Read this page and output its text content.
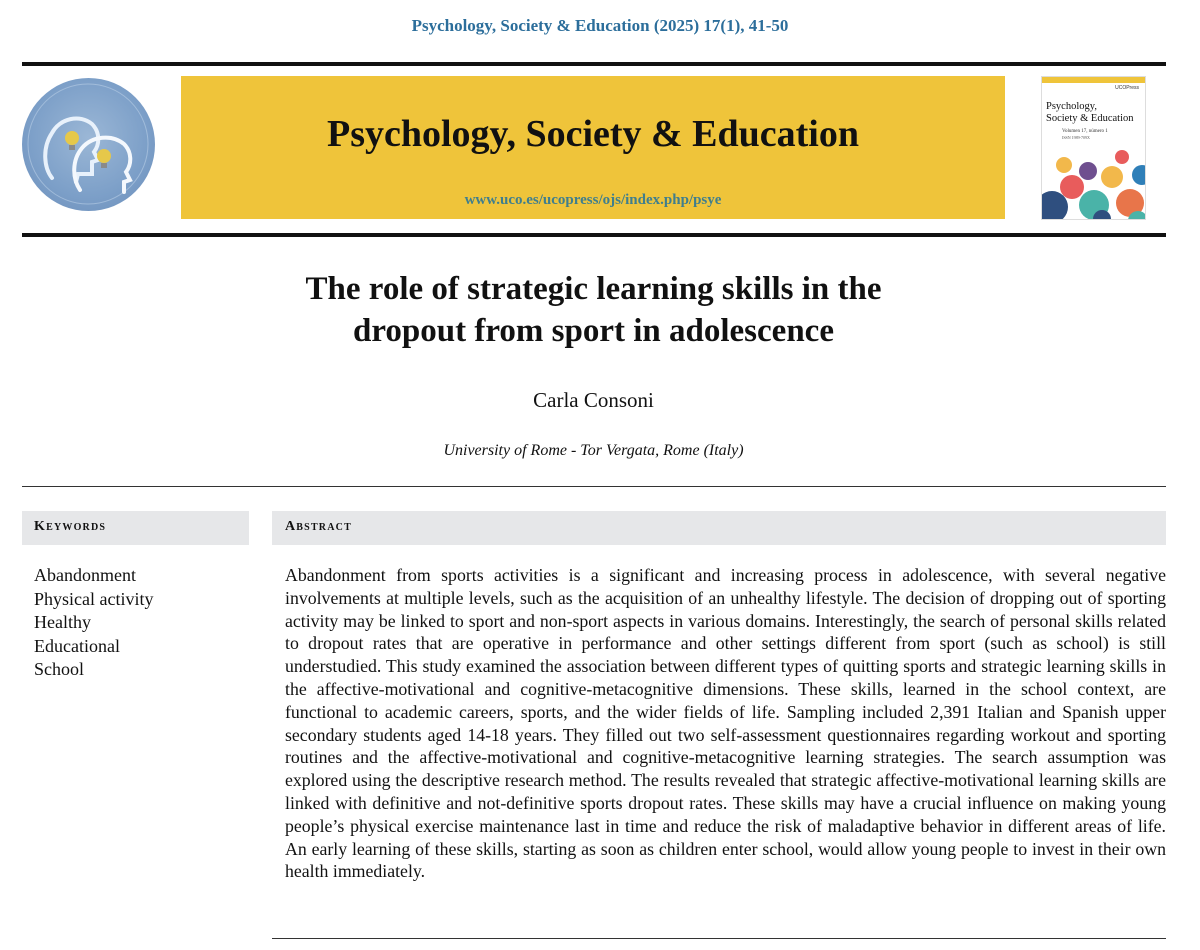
Psychology, Society & Education (2025) 17(1), 41-50
Psychology, Society & Education
www.uco.es/ucopress/ojs/index.php/psye
UCOPress
Psychology,
Society & Education
Volumen 17, número 1
ISSN 1989-709X
The role of strategic learning skills in the
dropout from sport in adolescence
Carla Consoni
University of Rome - Tor Vergata, Rome (Italy)
Keywords
Abandonment
Physical activity
Healthy
Educational
School
Abstract

Abandonment from sports activities is a significant and increasing process in adolescence, with several negative involvements at multiple levels, such as the acquisition of an unhealthy lifestyle. The decision of dropping out of sporting activity may be linked to sport and non-sport aspects in various domains. Interestingly, the search of personal skills related to dropout rates that are operative in performance and other settings different from sport (such as school) is still understudied. This study examined the association between different types of quitting sports and strategic learning skills in the affective-motivational and cognitive-metacognitive dimensions. These skills, learned in the school context, are functional to academic careers, sports, and the wider fields of life. Sampling included 2,391 Italian and Spanish upper secondary students aged 14-18 years. They filled out two self-assessment questionnaires regarding workout and sporting routines and the affective-motivational and cognitive-metacognitive learning strategies. The search assumption was explored using the descriptive research method. The results revealed that strategic affective-motivational learning skills are linked with definitive and not-definitive sports dropout rates. These skills may have a crucial influence on making young people’s physical exercise maintenance last in time and reduce the risk of maladaptive behavior in different areas of life. An early learning of these skills, starting as soon as children enter school, would allow young people to invest in their own health immediately.
